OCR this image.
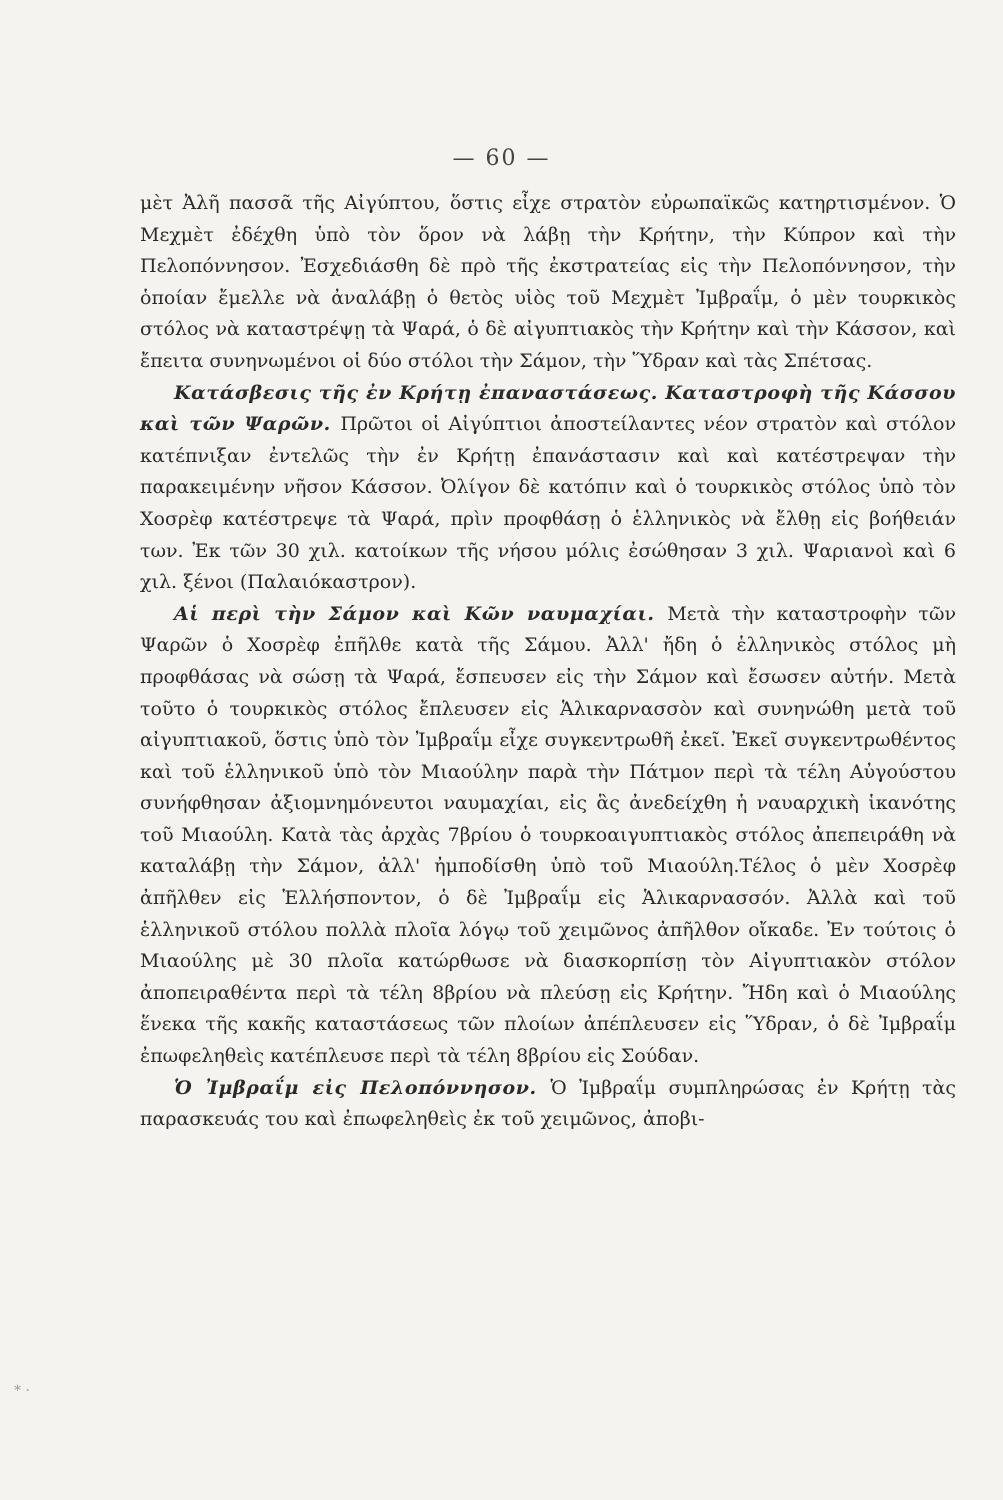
— 60 —

μὲτ Ἀλῆ πασσᾶ τῆς Αἰγύπτου, ὅστις εἶχε στρατὸν εὐρωπαϊκῶς κατηρτισμένον. Ὁ Μεχμὲτ ἐδέχθη ὑπὸ τὸν ὅρον νὰ λάβῃ τὴν Κρήτην, τὴν Κύπρον καὶ τὴν Πελοπόννησον. Ἐσχεδιάσθη δὲ πρὸ τῆς ἐκστρατείας εἰς τὴν Πελοπόννησον, τὴν ὁποίαν ἔμελλε νὰ ἀναλάβῃ ὁ θετὸς υἱὸς τοῦ Μεχμὲτ Ἰμβραΐμ, ὁ μὲν τουρκικὸς στόλος νὰ καταστρέψῃ τὰ Ψαρά, ὁ δὲ αἰγυπτιακὸς τὴν Κρήτην καὶ τὴν Κάσσον, καὶ ἔπειτα συνηνωμένοι οἱ δύο στόλοι τὴν Σάμον, τὴν Ὕδραν καὶ τὰς Σπέτσας.

Κατάσβεσις τῆς ἐν Κρήτῃ ἐπαναστάσεως. Καταστροφὴ τῆς Κάσσου καὶ τῶν Ψαρῶν. Πρῶτοι οἱ Αἰγύπτιοι ἀποστείλαντες νέον στρατὸν καὶ στόλον κατέπνιξαν ἐντελῶς τὴν ἐν Κρήτῃ ἐπανάστασιν καὶ καὶ κατέστρεψαν τὴν παρακειμένην νῆσον Κάσσον. Ὀλίγον δὲ κατόπιν καὶ ὁ τουρκικὸς στόλος ὑπὸ τὸν Χοσρὲφ κατέστρεψε τὰ Ψαρά, πρὶν προφθάσῃ ὁ ἑλληνικὸς νὰ ἔλθῃ εἰς βοήθειάν των. Ἐκ τῶν 30 χιλ. κατοίκων τῆς νήσου μόλις ἐσώθησαν 3 χιλ. Ψαριανοὶ καὶ 6 χιλ. ξένοι (Παλαιόκαστρον).

Αἱ περὶ τὴν Σάμον καὶ Κῶν ναυμαχίαι. Μετὰ τὴν καταστροφὴν τῶν Ψαρῶν ὁ Χοσρὲφ ἐπῆλθε κατὰ τῆς Σάμου. Ἀλλ' ἤδη ὁ ἑλληνικὸς στόλος μὴ προφθάσας νὰ σώσῃ τὰ Ψαρά, ἔσπευσεν εἰς τὴν Σάμον καὶ ἔσωσεν αὐτήν. Μετὰ τοῦτο ὁ τουρκικὸς στόλος ἔπλευσεν εἰς Ἁλικαρνασσὸν καὶ συνηνώθη μετὰ τοῦ αἰγυπτιακοῦ, ὅστις ὑπὸ τὸν Ἰμβραΐμ εἶχε συγκεντρωθῆ ἐκεῖ. Ἐκεῖ συγκεντρωθέντος καὶ τοῦ ἑλληνικοῦ ὑπὸ τὸν Μιαούλην παρὰ τὴν Πάτμον περὶ τὰ τέλη Αὐγούστου συνήφθησαν ἀξιομνημόνευτοι ναυμαχίαι, εἰς ἃς ἀνεδείχθη ἡ ναυαρχικὴ ἱκανότης τοῦ Μιαούλη. Κατὰ τὰς ἀρχὰς 7βρίου ὁ τουρκοαιγυπτιακὸς στόλος ἀπεπειράθη νὰ καταλάβῃ τὴν Σάμον, ἀλλ' ἠμποδίσθη ὑπὸ τοῦ Μιαούλη.Τέλος ὁ μὲν Χοσρὲφ ἀπῆλθεν εἰς Ἑλλήσποντον, ὁ δὲ Ἰμβραΐμ εἰς Ἁλικαρνασσόν. Ἀλλὰ καὶ τοῦ ἑλληνικοῦ στόλου πολλὰ πλοῖα λόγῳ τοῦ χειμῶνος ἀπῆλθον οἴκαδε. Ἐν τούτοις ὁ Μιαούλης μὲ 30 πλοῖα κατώρθωσε νὰ διασκορπίσῃ τὸν Αἰγυπτιακὸν στόλον ἀποπειραθέντα περὶ τὰ τέλη 8βρίου νὰ πλεύσῃ εἰς Κρήτην. Ἤδη καὶ ὁ Μιαούλης ἕνεκα τῆς κακῆς καταστάσεως τῶν πλοίων ἀπέπλευσεν εἰς Ὕδραν, ὁ δὲ Ἰμβραΐμ ἐπωφεληθεὶς κατέπλευσε περὶ τὰ τέλη 8βρίου εἰς Σούδαν.

Ὁ Ἰμβραΐμ εἰς Πελοπόννησον. Ὁ Ἰμβραΐμ συμπληρώσας ἐν Κρήτῃ τὰς παρασκευάς του καὶ ἐπωφεληθεὶς ἐκ τοῦ χειμῶνος, ἀποβι-

* ·
